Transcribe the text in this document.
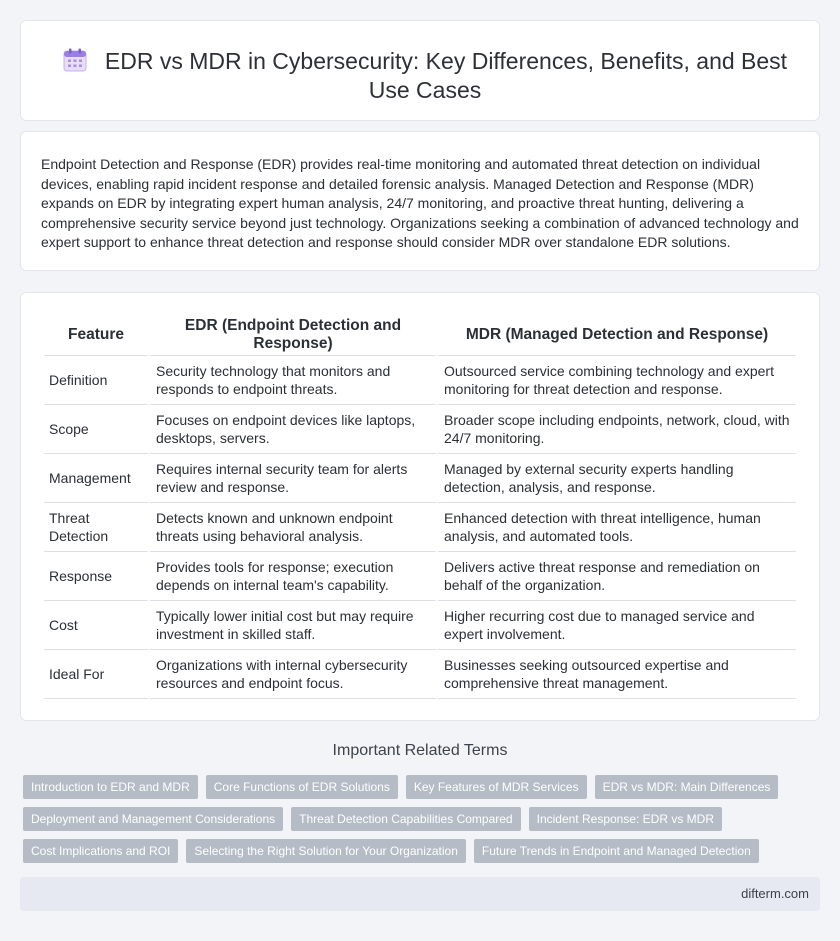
EDR vs MDR in Cybersecurity: Key Differences, Benefits, and Best Use Cases

Endpoint Detection and Response (EDR) provides real-time monitoring and automated threat detection on individual devices, enabling rapid incident response and detailed forensic analysis. Managed Detection and Response (MDR) expands on EDR by integrating expert human analysis, 24/7 monitoring, and proactive threat hunting, delivering a comprehensive security service beyond just technology. Organizations seeking a combination of advanced technology and expert support to enhance threat detection and response should consider MDR over standalone EDR solutions.

Feature	EDR (Endpoint Detection and Response)	MDR (Managed Detection and Response)
Definition	Security technology that monitors and responds to endpoint threats.	Outsourced service combining technology and expert monitoring for threat detection and response.
Scope	Focuses on endpoint devices like laptops, desktops, servers.	Broader scope including endpoints, network, cloud, with 24/7 monitoring.
Management	Requires internal security team for alerts review and response.	Managed by external security experts handling detection, analysis, and response.
Threat Detection	Detects known and unknown endpoint threats using behavioral analysis.	Enhanced detection with threat intelligence, human analysis, and automated tools.
Response	Provides tools for response; execution depends on internal team's capability.	Delivers active threat response and remediation on behalf of the organization.
Cost	Typically lower initial cost but may require investment in skilled staff.	Higher recurring cost due to managed service and expert involvement.
Ideal For	Organizations with internal cybersecurity resources and endpoint focus.	Businesses seeking outsourced expertise and comprehensive threat management.
Important Related Terms
Introduction to EDR and MDR	Core Functions of EDR Solutions	Key Features of MDR Services	EDR vs MDR: Main Differences
Deployment and Management Considerations	Threat Detection Capabilities Compared	Incident Response: EDR vs MDR
Cost Implications and ROI	Selecting the Right Solution for Your Organization	Future Trends in Endpoint and Managed Detection
difterm.com
